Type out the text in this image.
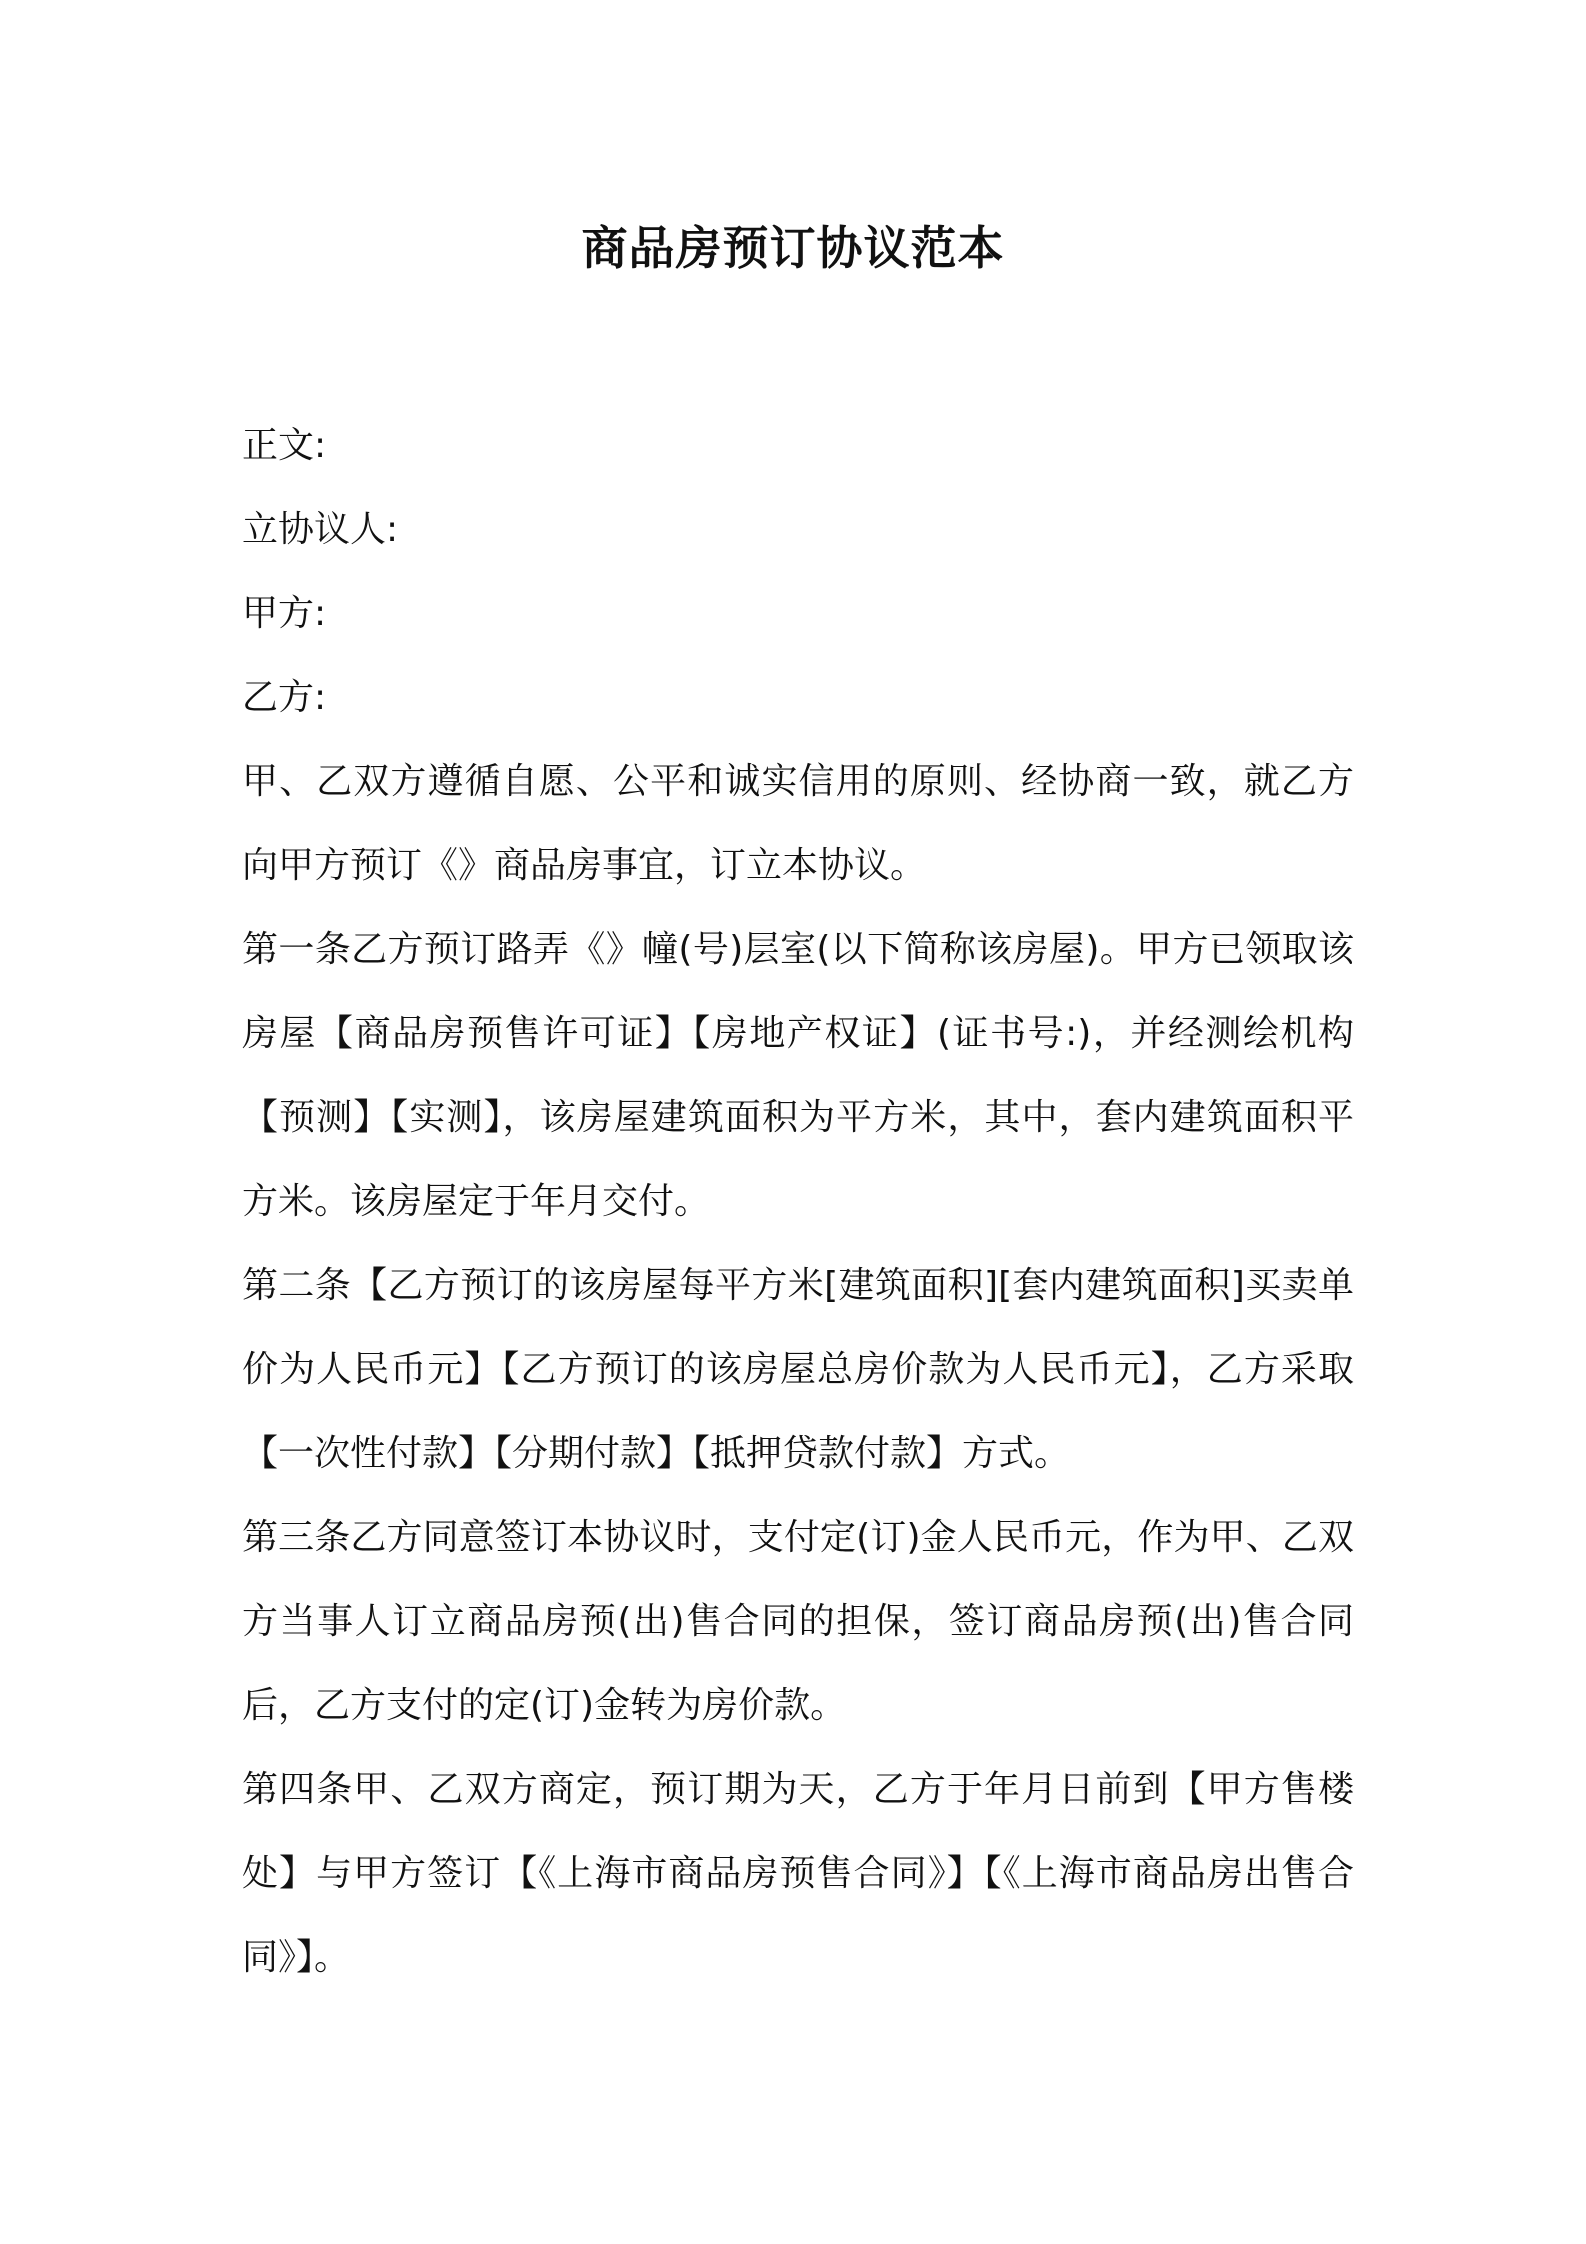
商品房预订协议范本

正文:

立协议人:

甲方:

乙方:

甲、乙双方遵循自愿、公平和诚实信用的原则、经协商一致，就乙方向甲方预订《》商品房事宜，订立本协议。

第一条乙方预订路弄《》幢(号)层室(以下简称该房屋)。甲方已领取该房屋【商品房预售许可证】【房地产权证】(证书号:)，并经测绘机构【预测】【实测】，该房屋建筑面积为平方米，其中，套内建筑面积平方米。该房屋定于年月交付。

第二条【乙方预订的该房屋每平方米[建筑面积][套内建筑面积]买卖单价为人民币元】【乙方预订的该房屋总房价款为人民币元】，乙方采取【一次性付款】【分期付款】【抵押贷款付款】方式。

第三条乙方同意签订本协议时，支付定(订)金人民币元，作为甲、乙双方当事人订立商品房预(出)售合同的担保，签订商品房预(出)售合同后，乙方支付的定(订)金转为房价款。

第四条甲、乙双方商定，预订期为天，乙方于年月日前到【甲方售楼处】与甲方签订【《上海市商品房预售合同》】【《上海市商品房出售合同》】。
